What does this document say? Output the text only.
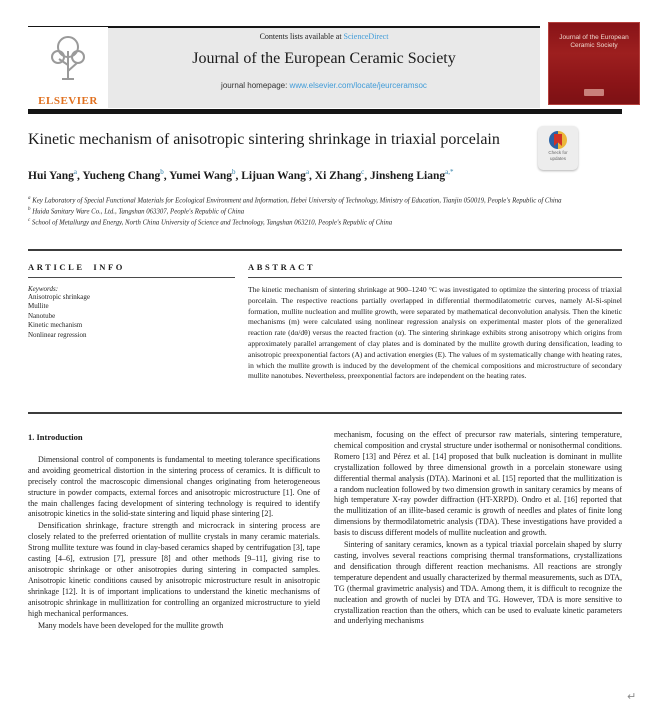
Contents lists available at ScienceDirect
Journal of the European Ceramic Society
journal homepage: www.elsevier.com/locate/jeurceramsoc
ELSEVIER
Journal of the European Ceramic Society
Kinetic mechanism of anisotropic sintering shrinkage in triaxial porcelain
Check for updates
Hui Yang$^a$, Yucheng Chang$^b$, Yumei Wang$^b$, Lijuan Wang$^a$, Xi Zhang$^c$, Jinsheng Liang$^{a,*}$
$^a$ Key Laboratory of Special Functional Materials for Ecological Environment and Information, Hebei University of Technology, Ministry of Education, Tianjin 050019, People's Republic of China
$^b$ Huida Sanitary Ware Co., Ltd., Tangshan 063307, People's Republic of China
$^c$ School of Metallurgy and Energy, North China University of Science and Technology, Tangshan 063210, People's Republic of China
ARTICLE INFO
Keywords:
Anisotropic shrinkage
Mullite
Nanotube
Kinetic mechanism
Nonlinear regression
ABSTRACT
The kinetic mechanism of sintering shrinkage at 900–1240 °C was investigated to optimize the sintering process of triaxial porcelain. The respective reactions partially overlapped in differential thermodilatometric curves, namely Al-Si-spinel formation, mullite nucleation and mullite growth, were separated by mathematical deconvolution analysis. Then the kinetic mechanisms (m) were calculated using nonlinear regression analysis on experimental master plots of the generalized reaction rate (dα/dθ) versus the reacted fraction (α). The sintering shrinkage exhibits strong anisotropy which origins from approximately parallel arrangement of clay plates and is dominated by the mullite growth during densification, leading to anisotropic preexponential factors (A) and activation energies (E). The values of m systematically change with heating rates, in which the mullite growth is induced by the development of the chemical compositions and microstructure of secondary mullite nanotubes. Nevertheless, preexponential factors are independent on the heating rates.
1. Introduction

Dimensional control of components is fundamental to meeting tolerance specifications and avoiding geometrical distortion in the sintering process of ceramics. It is difficult to precisely control the macroscopic dimensional changes originating from heterogeneous structure in powder compacts, external forces and anisotropic microstructure [1]. One of the main challenges facing development of sintering technology is required to identify anisotropic kinetics in the solid-state sintering and liquid phase sintering [2].

Densification shrinkage, fracture strength and microcrack in sintering process are closely related to the preferred orientation of mullite crystals in many ceramic materials. Strong mullite texture was found in clay-based ceramics shaped by centrifugation [3], tape casting [4–6], extrusion [7], pressure [8] and other methods [9–11], giving rise to anisotropic shrinkage or other anisotropies during sintering in compacted samples. Anisotropic kinetic conditions caused by anisotropic microstructure result in anisotropic shrinkage [12]. It is of important implications to understand the kinetic mechanisms of anisotropic shrinkage in mullitization for controlling an organized microstructure to yield high mechanical performances.

Many models have been developed for the mullite growth

mechanism, focusing on the effect of precursor raw materials, sintering temperature, chemical composition and crystal structure under isothermal or nonisothermal conditions. Romero [13] and Pérez et al. [14] proposed that bulk nucleation is dominant in mullite crystallization followed by three dimensional growth in a porcelain stoneware using differential thermal analysis (DTA). Marinoni et al. [15] reported that the mullitization is a random nucleation followed by two dimension growth in sanitary ceramics by means of high temperature X-ray powder diffraction (HT-XRPD). Ondro et al. [16] reported that the mullitization of an illite-based ceramic is growth of needles and plates of finite long dimensions by thermodilatometric analysis (TDA). These investigations have provided a basis to discuss different models of mullite nucleation and growth.

Sintering of sanitary ceramics, known as a typical triaxial porcelain shaped by slurry casting, involves several reactions comprising thermal transformations, crystallizations and densification through different reaction mechanisms. All reactions are strongly temperature dependent and usually characterized by thermal measurements, such as DTA, TG (thermal gravimetric analysis) and TDA. Among them, it is difficult to recognize the nucleation and growth of nuclei by DTA and TG. However, TDA is more sensitive to crystallization reaction than the others, which can be used to evaluate kinetic parameters and underlying mechanisms

↵
